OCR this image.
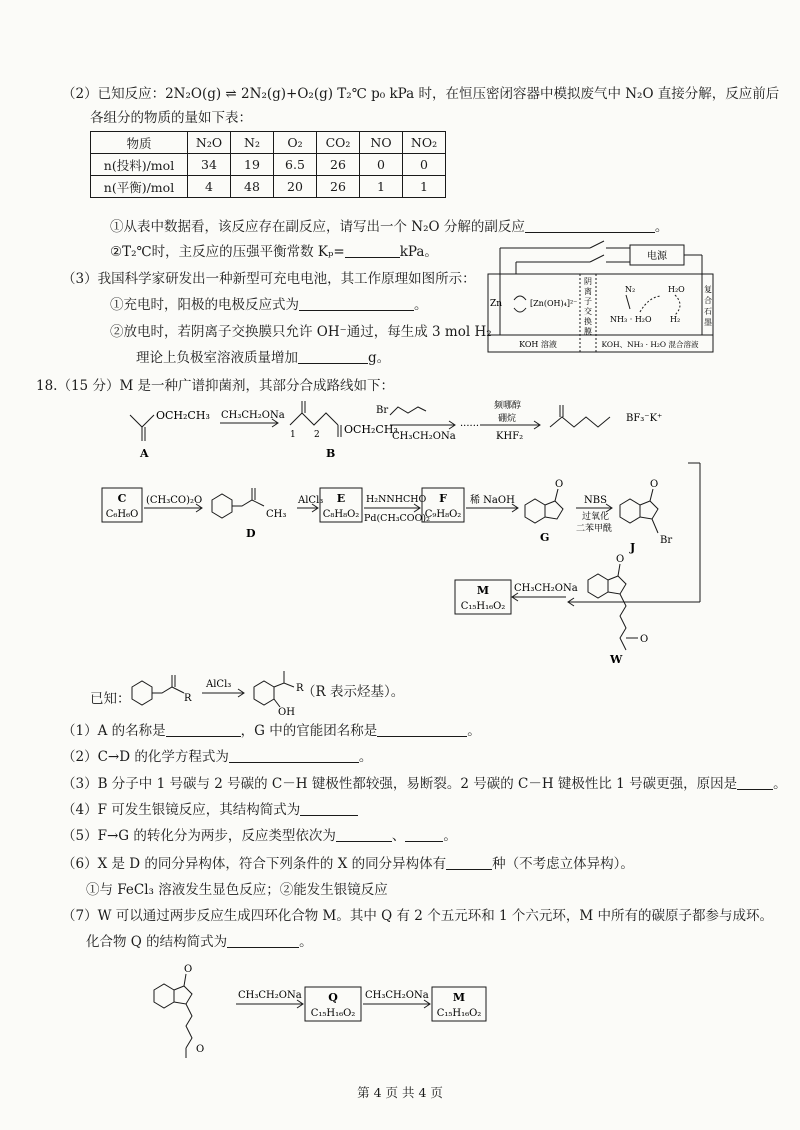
（2）已知反应：2N₂O(g) ⇌ 2N₂(g)+O₂(g) T₂℃ p₀ kPa 时，在恒压密闭容器中模拟废气中 N₂O 直接分解，反应前后
各组分的物质的量如下表：
物质	N₂O	N₂	O₂	CO₂	NO	NO₂
n(投料)/mol	34	19	6.5	26	0	0
n(平衡)/mol	4	48	20	26	1	1
①从表中数据看，该反应存在副反应，请写出一个 N₂O 分解的副反应	。
②T₂℃时，主反应的压强平衡常数 Kₚ=	kPa。
（3）我国科学家研发出一种新型可充电电池，其工作原理如图所示：
①充电时，阳极的电极反应式为	。
②放电时，若阴离子交换膜只允许 OH⁻通过，每生成 3 mol H₂
理论上负极室溶液质量增加	g。
电源
Zn	[Zn(OH)₄]²⁻
阴
离
子
交
换
膜
N₂	H₂O
NH₃ · H₂O H₂
复
合
石
墨
KOH 溶液	KOH、NH₃ · H₂O 混合溶液
18.（15 分）M 是一种广谱抑菌剂，其部分合成路线如下：
OCH₂CH₃
A
CH₃CH₂ONa
1 2 OCH₂CH₃
B
Br
CH₃CH₂ONa
······
频哪醇
硼烷
KHF₂
BF₃⁻K⁺
C
C₆H₆O
(CH₃CO)₂O
CH₃
D
AlCl₃ E
C₈H₈O₂
H₂NNHCHO
Pd(CH₃COO)₂
F
C₉H₈O₂
稀 NaOH
O
G
NBS
过氧化
二苯甲酰
O
Br
J
M
C₁₅H₁₆O₂
CH₃CH₂ONa
O
O
W
已知：	R
AlCl₃	R
OH
（R 表示烃基）。
（1）A 的名称是	，G 中的官能团名称是	。
（2）C→D 的化学方程式为	。
（3）B 分子中 1 号碳与 2 号碳的 C－H 键极性都较强，易断裂。2 号碳的 C－H 键极性比 1 号碳更强，原因是	。
（4）F 可发生银镜反应，其结构简式为
（5）F→G 的转化分为两步，反应类型依次为	、	。
（6）X 是 D 的同分异构体，符合下列条件的 X 的同分异构体有	种（不考虑立体异构）。
①与 FeCl₃ 溶液发生显色反应；②能发生银镜反应
（7）W 可以通过两步反应生成四环化合物 M。其中 Q 有 2 个五元环和 1 个六元环，M 中所有的碳原子都参与成环。
化合物 Q 的结构简式为	。
O
O
CH₃CH₂ONa Q
C₁₅H₁₆O₂
CH₃CH₂ONa M
C₁₅H₁₆O₂
第 4 页 共 4 页
